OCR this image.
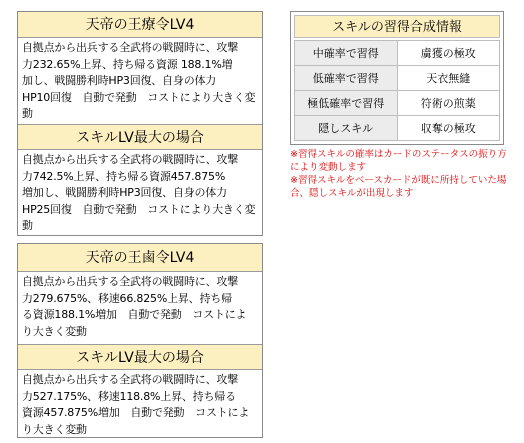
天帝の王療令LV4
自拠点から出兵する全武将の戦闘時に、攻撃
力232.65%上昇、持ち帰る資源 188.1%増
加し、戦闘勝利時HP3回復、自身の体力
HP10回復　自動で発動　コストにより大きく変動
スキルLV最大の場合
自拠点から出兵する全武将の戦闘時に、攻撃
力742.5%上昇、持ち帰る資源457.875%
増加し、戦闘勝利時HP3回復、自身の体力
HP25回復　自動で発動　コストにより大きく変動
天帝の王鹵令LV4
自拠点から出兵する全武将の戦闘時に、攻撃
力279.675%、移速66.825%上昇、持ち帰
る資源188.1%増加　自動で発動　コストによ
り大きく変動
スキルLV最大の場合
自拠点から出兵する全武将の戦闘時に、攻撃
力527.175%、移速118.8%上昇、持ち帰る
資源457.875%増加　自動で発動　コストによ
り大きく変動
スキルの習得合成情報
中確率で習得	虜獲の極攻
低確率で習得	天衣無縫
極低確率で習得	符術の煎薬
隠しスキル	収奪の極攻
※習得スキルの確率はカードのステータスの振り方
により変動します
※習得スキルをベースカードが既に所持していた場
合、隠しスキルが出現します
